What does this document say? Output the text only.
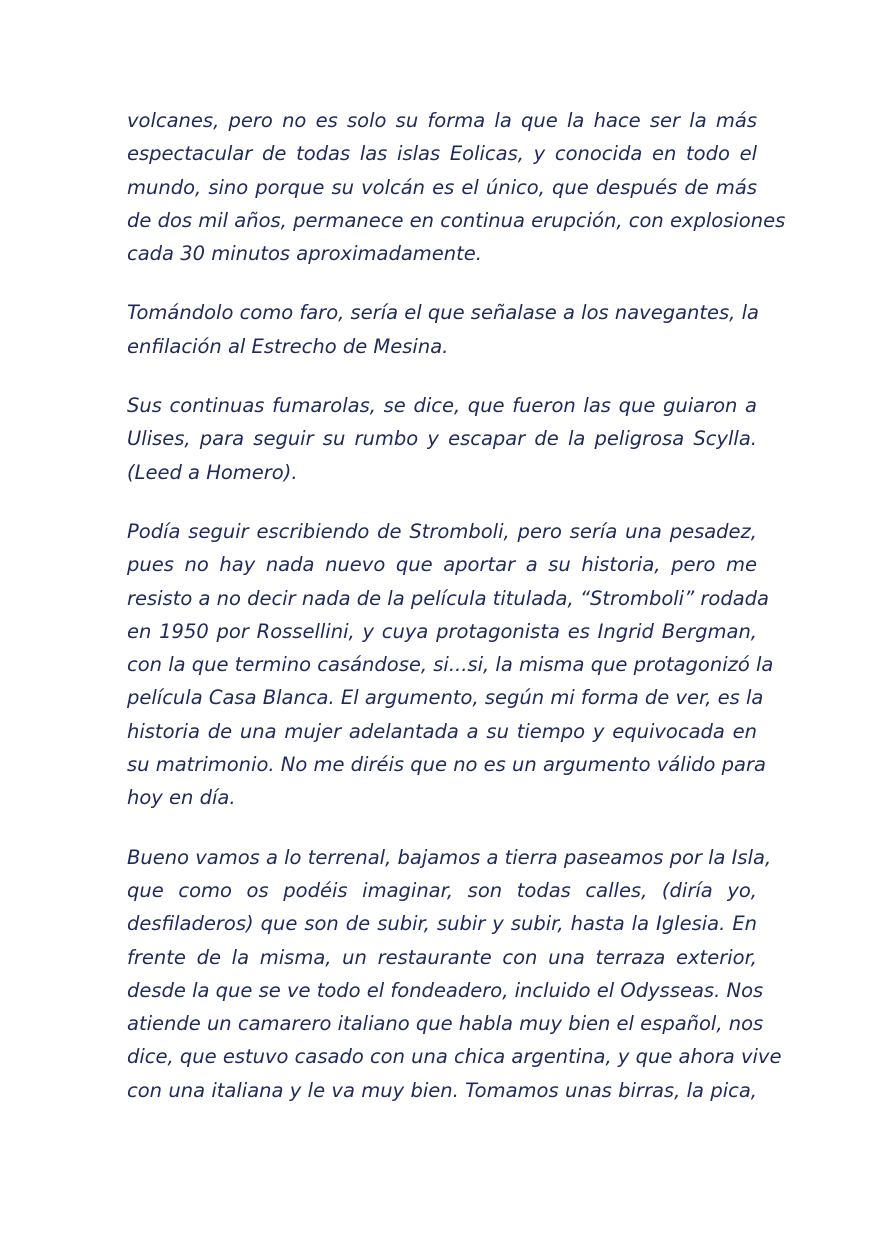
volcanes, pero no es solo su forma la que la hace ser la más
espectacular de todas las islas Eolicas, y conocida en todo el
mundo, sino porque su volcán es el único, que después de más
de dos mil años, permanece en continua erupción, con explosiones
cada 30 minutos aproximadamente.
Tomándolo como faro, sería el que señalase a los navegantes, la
enfilación al Estrecho de Mesina.
Sus continuas fumarolas, se dice, que fueron las que guiaron a
Ulises, para seguir su rumbo y escapar de la peligrosa Scylla.
(Leed a Homero).
Podía seguir escribiendo de Stromboli, pero sería una pesadez,
pues no hay nada nuevo que aportar a su historia, pero me
resisto a no decir nada de la película titulada, “Stromboli” rodada
en 1950 por Rossellini, y cuya protagonista es Ingrid Bergman,
con la que termino casándose, si...si, la misma que protagonizó la
película Casa Blanca. El argumento, según mi forma de ver, es la
historia de una mujer adelantada a su tiempo y equivocada en
su matrimonio. No me diréis que no es un argumento válido para
hoy en día.
Bueno vamos a lo terrenal, bajamos a tierra paseamos por la Isla,
que como os podéis imaginar, son todas calles, (diría yo,
desfiladeros) que son de subir, subir y subir, hasta la Iglesia. En
frente de la misma, un restaurante con una terraza exterior,
desde la que se ve todo el fondeadero, incluido el Odysseas. Nos
atiende un camarero italiano que habla muy bien el español, nos
dice, que estuvo casado con una chica argentina, y que ahora vive
con una italiana y le va muy bien. Tomamos unas birras, la pica,
